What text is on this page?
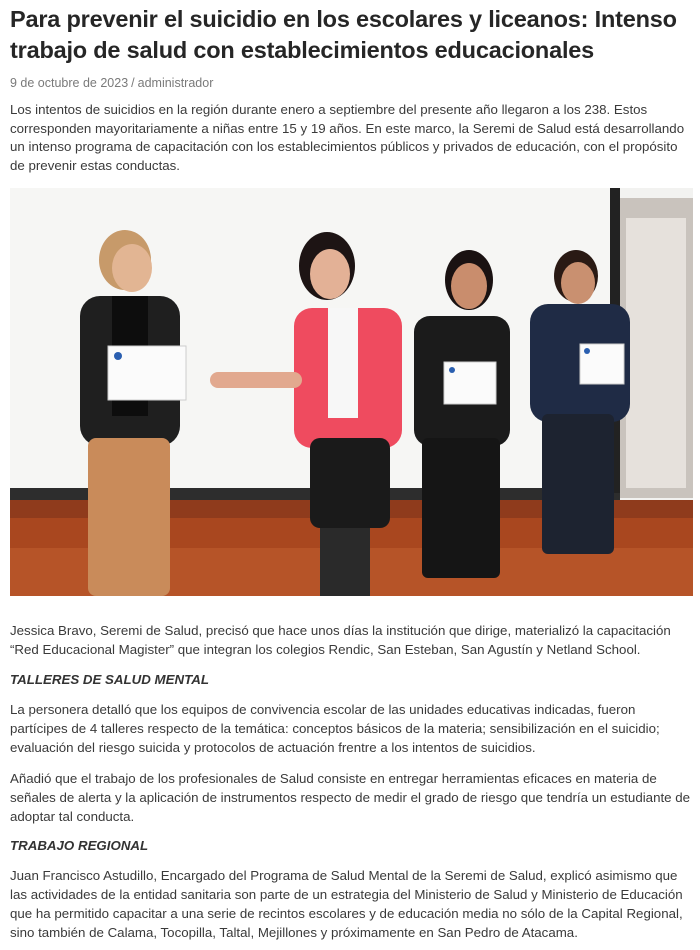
Para prevenir el suicidio en los escolares y liceanos: Intenso trabajo de salud con establecimientos educacionales
9 de octubre de 2023 / administrador

Los intentos de suicidios en la región durante enero a septiembre del presente año llegaron a los 238. Estos corresponden mayoritariamente a niñas entre 15 y 19 años. En este marco, la Seremi de Salud está desarrollando un intenso programa de capacitación con los establecimientos públicos y privados de educación, con el propósito de prevenir estas conductas.

Jessica Bravo, Seremi de Salud, precisó que hace unos días la institución que dirige, materializó la capacitación “Red Educacional Magister” que integran los colegios Rendic, San Esteban, San Agustín y Netland School.

TALLERES DE SALUD MENTAL

La personera detalló que los equipos de convivencia escolar de las unidades educativas indicadas, fueron partícipes de 4 talleres respecto de la temática: conceptos básicos de la materia; sensibilización en el suicidio; evaluación del riesgo suicida y protocolos de actuación frentre a los intentos de suicidios.

Añadió que el trabajo de los profesionales de Salud consiste en entregar herramientas eficaces en materia de señales de alerta y la aplicación de instrumentos respecto de medir el grado de riesgo que tendría un estudiante de adoptar tal conducta.

TRABAJO REGIONAL

Juan Francisco Astudillo, Encargado del Programa de Salud Mental de la Seremi de Salud, explicó asimismo que las actividades de la entidad sanitaria son parte de un estrategia del Ministerio de Salud y Ministerio de Educación que ha permitido capacitar a una serie de recintos escolares y de educación media no sólo de la Capital Regional, sino también de Calama, Tocopilla, Taltal, Mejillones y próximamente en San Pedro de Atacama.
